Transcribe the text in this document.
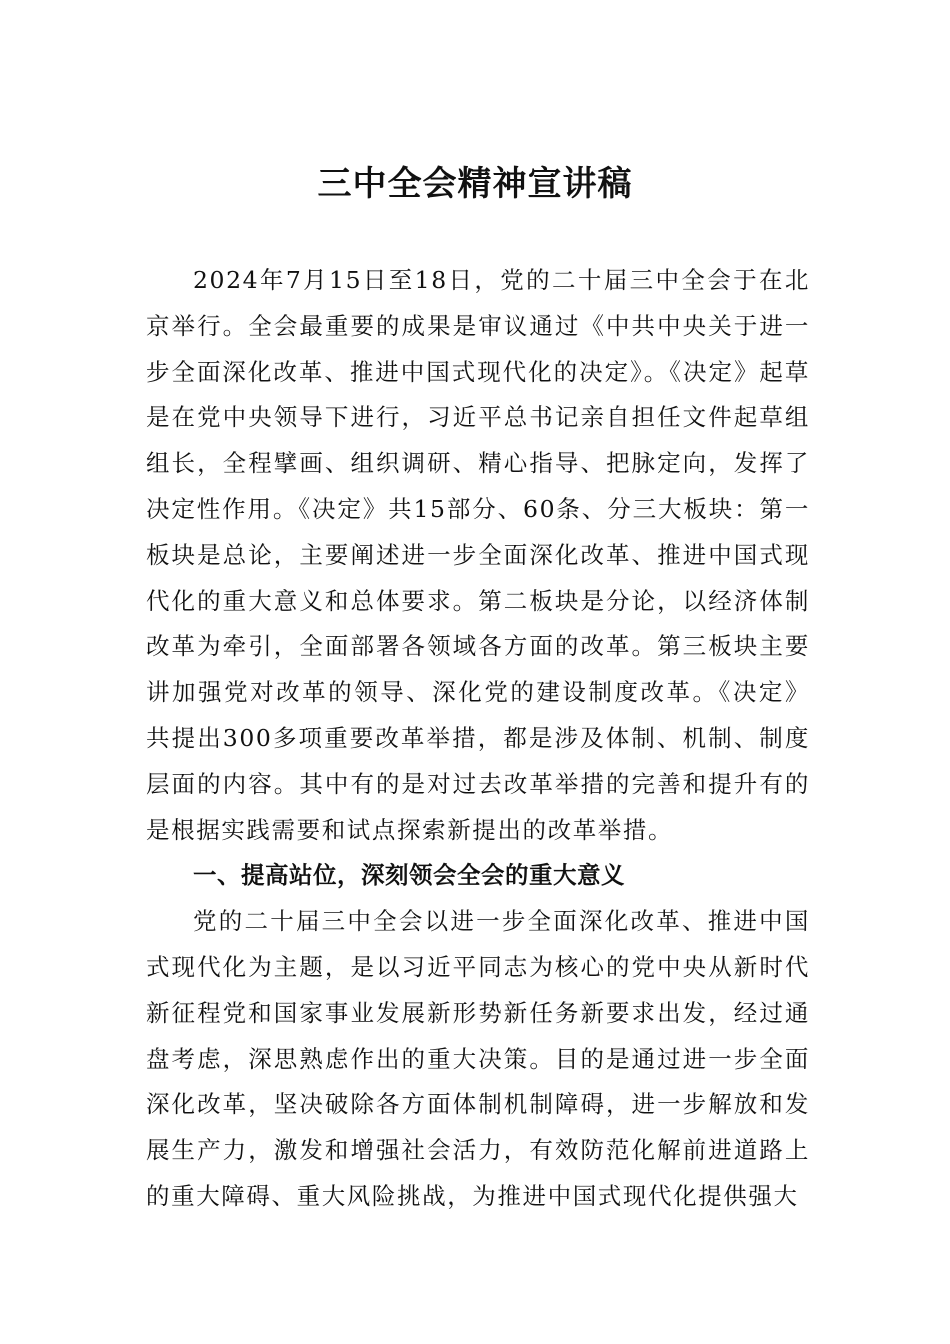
三中全会精神宣讲稿

2024年7月15日至18日，党的二十届三中全会于在北京举行。全会最重要的成果是审议通过《中共中央关于进一步全面深化改革、推进中国式现代化的决定》。《决定》起草是在党中央领导下进行，习近平总书记亲自担任文件起草组组长，全程擘画、组织调研、精心指导、把脉定向，发挥了决定性作用。《决定》共15部分、60条、分三大板块：第一板块是总论，主要阐述进一步全面深化改革、推进中国式现代化的重大意义和总体要求。第二板块是分论，以经济体制改革为牵引，全面部署各领域各方面的改革。第三板块主要讲加强党对改革的领导、深化党的建设制度改革。《决定》共提出300多项重要改革举措，都是涉及体制、机制、制度层面的内容。其中有的是对过去改革举措的完善和提升有的是根据实践需要和试点探索新提出的改革举措。

一、提高站位，深刻领会全会的重大意义

党的二十届三中全会以进一步全面深化改革、推进中国式现代化为主题，是以习近平同志为核心的党中央从新时代新征程党和国家事业发展新形势新任务新要求出发，经过通盘考虑，深思熟虑作出的重大决策。目的是通过进一步全面深化改革，坚决破除各方面体制机制障碍，进一步解放和发展生产力，激发和增强社会活力，有效防范化解前进道路上的重大障碍、重大风险挑战，为推进中国式现代化提供强大
